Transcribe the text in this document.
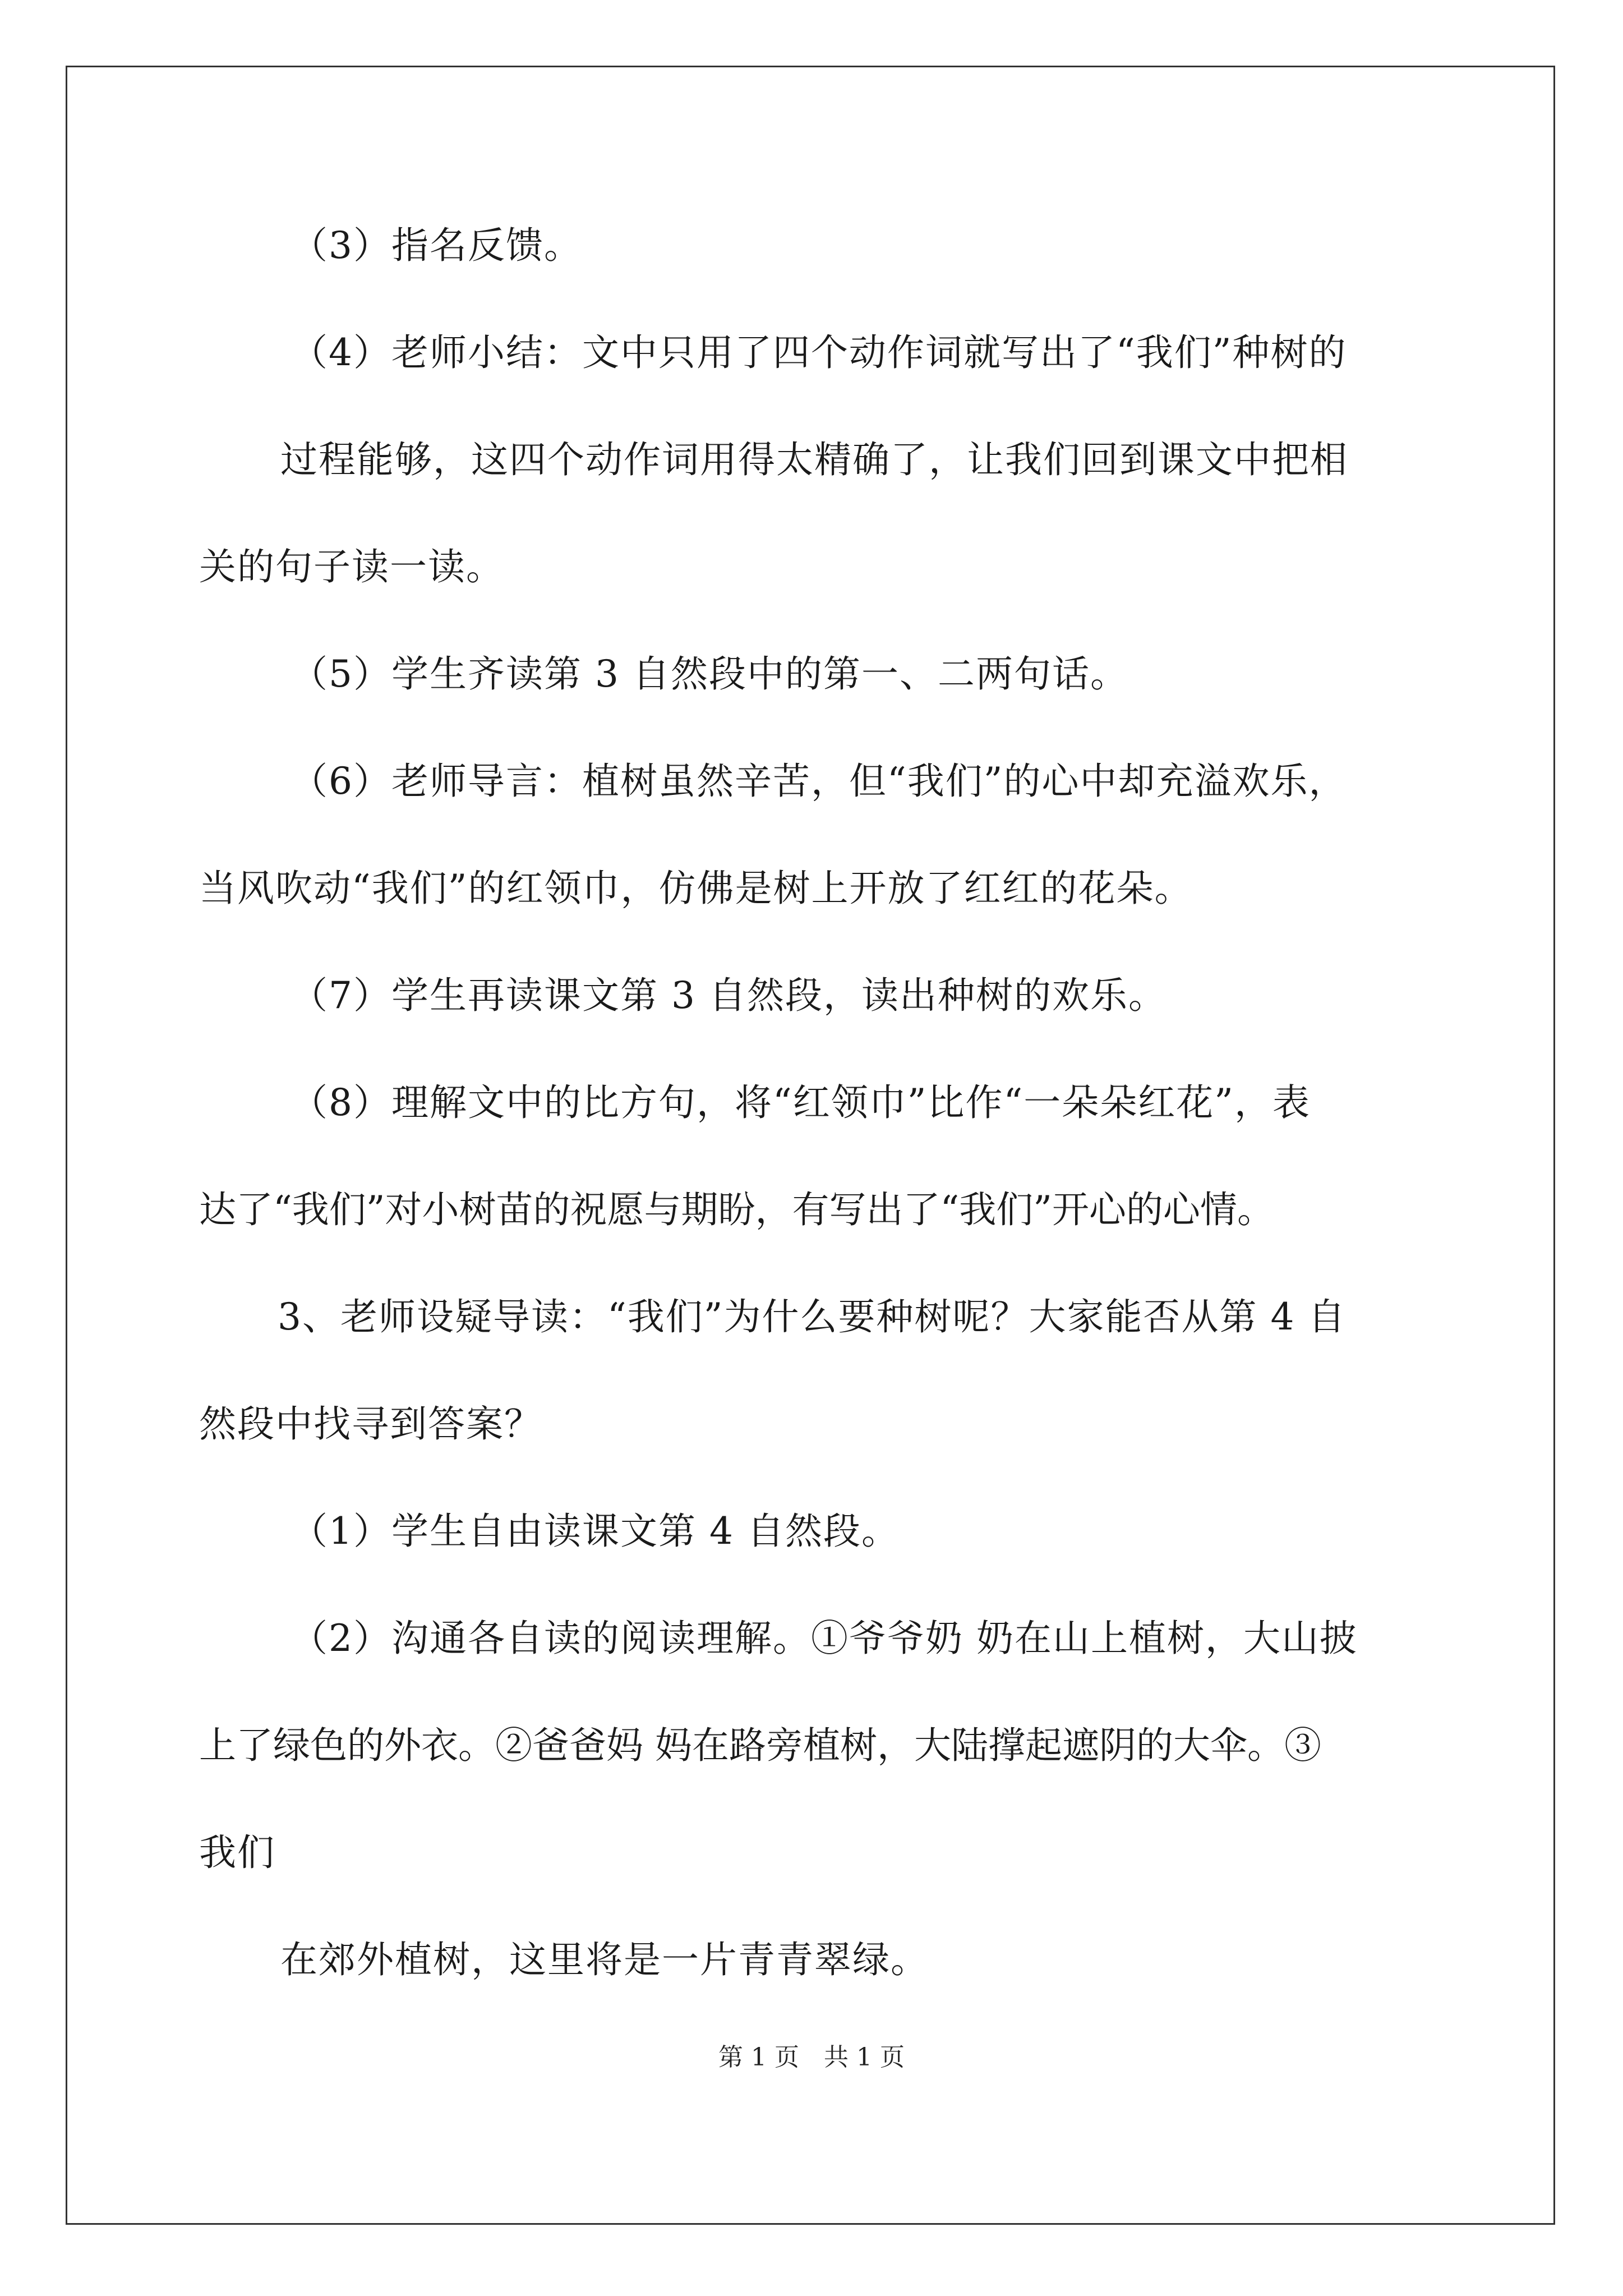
（3）指名反馈。
（4）老师小结：文中只用了四个动作词就写出了“我们”种树的
过程能够，这四个动作词用得太精确了，让我们回到课文中把相
关的句子读一读。
（5）学生齐读第 3 自然段中的第一、二两句话。
（6）老师导言：植树虽然辛苦，但“我们”的心中却充溢欢乐，
当风吹动“我们”的红领巾，仿佛是树上开放了红红的花朵。
（7）学生再读课文第 3 自然段，读出种树的欢乐。
（8）理解文中的比方句，将“红领巾”比作“一朵朵红花”，表
达了“我们”对小树苗的祝愿与期盼，有写出了“我们”开心的心情。
3、老师设疑导读：“我们”为什么要种树呢？大家能否从第 4 自
然段中找寻到答案？
（1）学生自由读课文第 4 自然段。
（2）沟通各自读的阅读理解。①爷爷奶 奶在山上植树，大山披
上了绿色的外衣。②爸爸妈 妈在路旁植树，大陆撑起遮阴的大伞。③
我们
在郊外植树，这里将是一片青青翠绿。
第 1 页　共 1 页
